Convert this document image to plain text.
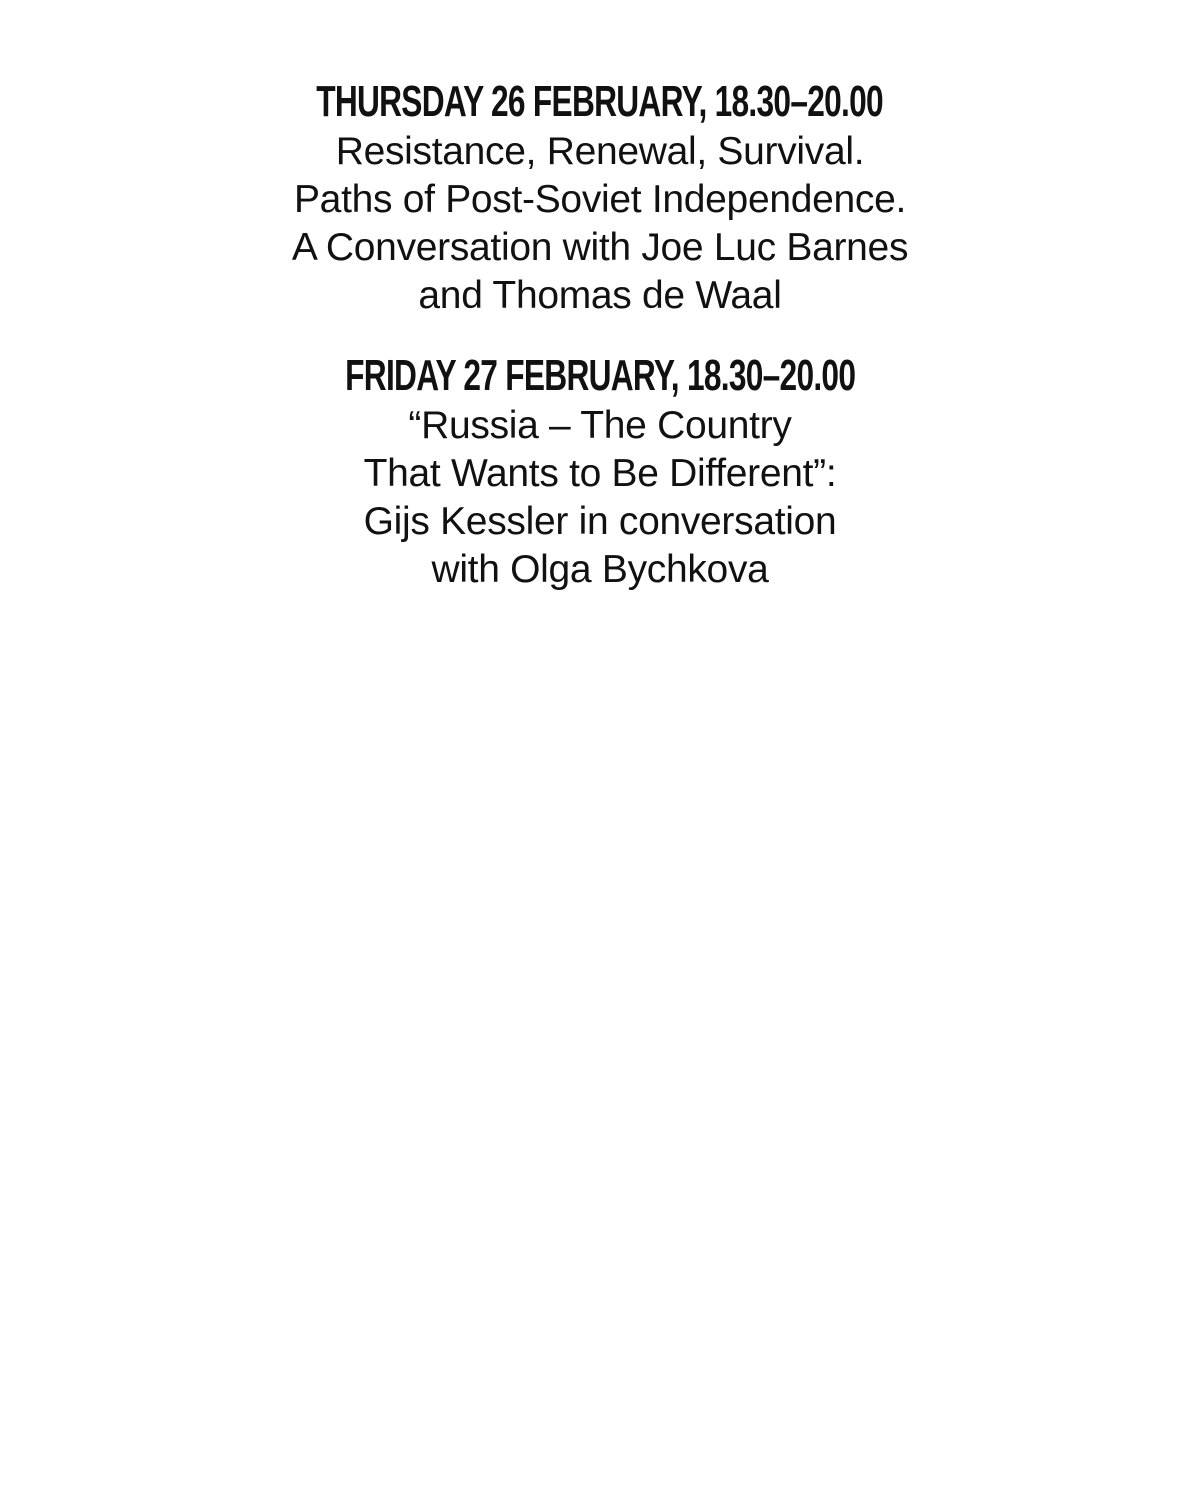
THURSDAY 26 FEBRUARY, 18.30–20.00
Resistance, Renewal, Survival.
Paths of Post-Soviet Independence.
A Conversation with Joe Luc Barnes
and Thomas de Waal
FRIDAY 27 FEBRUARY, 18.30–20.00
“Russia – The Country
That Wants to Be Different”:
Gijs Kessler in conversation
with Olga Bychkova
